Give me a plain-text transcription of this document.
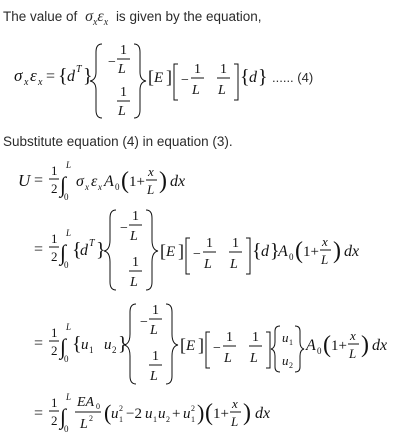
The value of $\sigma_x\varepsilon_x$ is given by the equation,
σ x ε x = { d T }
−
1
L
1
L
[ E ] −
1
L
1
L
{ d } ...... (4)
Substitute equation (4) in equation (3).
U =
1
2 ∫
L
0
σ x ε x A 0 ( 1+
x
L ) dx
=
1
2 ∫
L
0
{
d T }
−
1
L
1
L
[ E ] −
1
L
1
L
{ d }
A 0 ( 1+
x
L ) dx
=
1
2 ∫
L
0
{ u 1 u 2 }
−
1
L
1
L
[ E ] −
1
L
1
L
u 1
u 2
A 0 ( 1+
x
L ) dx
=
1
2 ∫
L
0
EA 0
L 2 ( u 1
2 −2 u 1 u 2 + u 1
2 ) ( 1+
x
L ) dx
